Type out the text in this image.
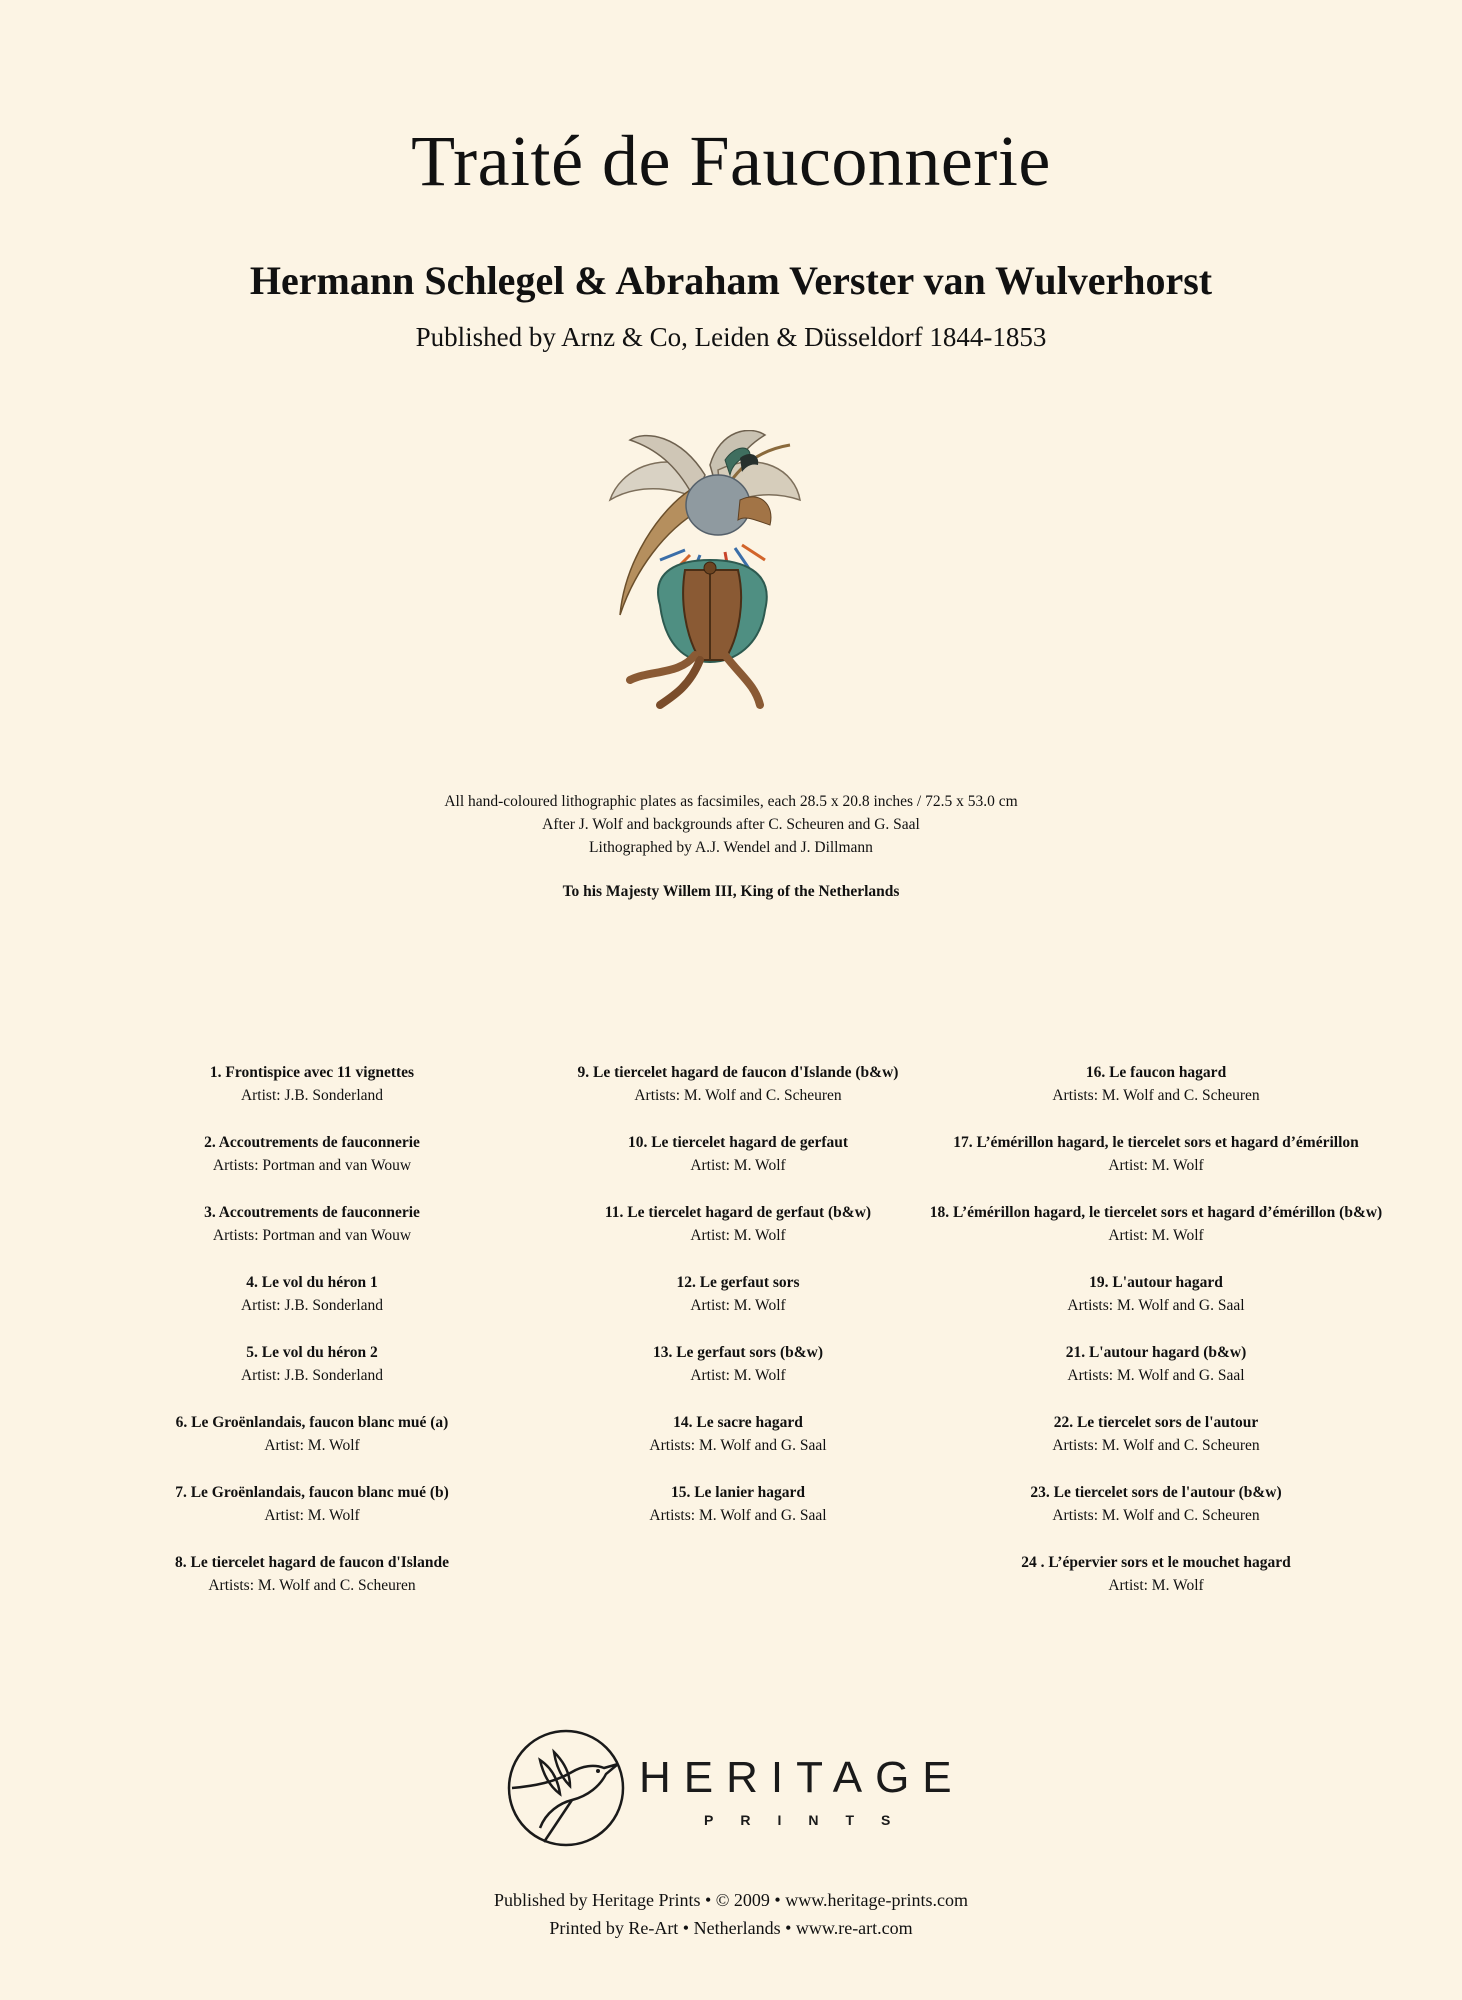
Traité de Fauconnerie
Hermann Schlegel & Abraham Verster van Wulverhorst
Published by Arnz & Co, Leiden & Düsseldorf 1844-1853
All hand-coloured lithographic plates as facsimiles, each 28.5 x 20.8 inches / 72.5 x 53.0 cm
After J. Wolf and backgrounds after C. Scheuren and G. Saal
Lithographed by A.J. Wendel and J. Dillmann
To his Majesty Willem III, King of the Netherlands
1. Frontispice avec 11 vignettes
Artist: J.B. Sonderland
2. Accoutrements de fauconnerie
Artists: Portman and van Wouw
3. Accoutrements de fauconnerie
Artists: Portman and van Wouw
4. Le vol du héron 1
Artist: J.B. Sonderland
5. Le vol du héron 2
Artist: J.B. Sonderland
6. Le Groënlandais, faucon blanc mué (a)
Artist: M. Wolf
7. Le Groënlandais, faucon blanc mué (b)
Artist: M. Wolf
8. Le tiercelet hagard de faucon d'Islande
Artists: M. Wolf and C. Scheuren
9. Le tiercelet hagard de faucon d'Islande (b&w)
Artists: M. Wolf and C. Scheuren
10. Le tiercelet hagard de gerfaut
Artist: M. Wolf
11. Le tiercelet hagard de gerfaut (b&w)
Artist: M. Wolf
12. Le gerfaut sors
Artist: M. Wolf
13. Le gerfaut sors (b&w)
Artist: M. Wolf
14. Le sacre hagard
Artists: M. Wolf and G. Saal
15. Le lanier hagard
Artists: M. Wolf and G. Saal
16. Le faucon hagard
Artists: M. Wolf and C. Scheuren
17. L’émérillon hagard, le tiercelet sors et hagard d’émérillon
Artist: M. Wolf
18. L’émérillon hagard, le tiercelet sors et hagard d’émérillon (b&w)
Artist: M. Wolf
19. L'autour hagard
Artists: M. Wolf and G. Saal
21. L'autour hagard (b&w)
Artists: M. Wolf and G. Saal
22. Le tiercelet sors de l'autour
Artists: M. Wolf and C. Scheuren
23. Le tiercelet sors de l'autour (b&w)
Artists: M. Wolf and C. Scheuren
24 . L’épervier sors et le mouchet hagard
Artist: M. Wolf
HERITAGE
PRINTS
Published by Heritage Prints • © 2009 • www.heritage-prints.com
Printed by Re-Art • Netherlands • www.re-art.com
